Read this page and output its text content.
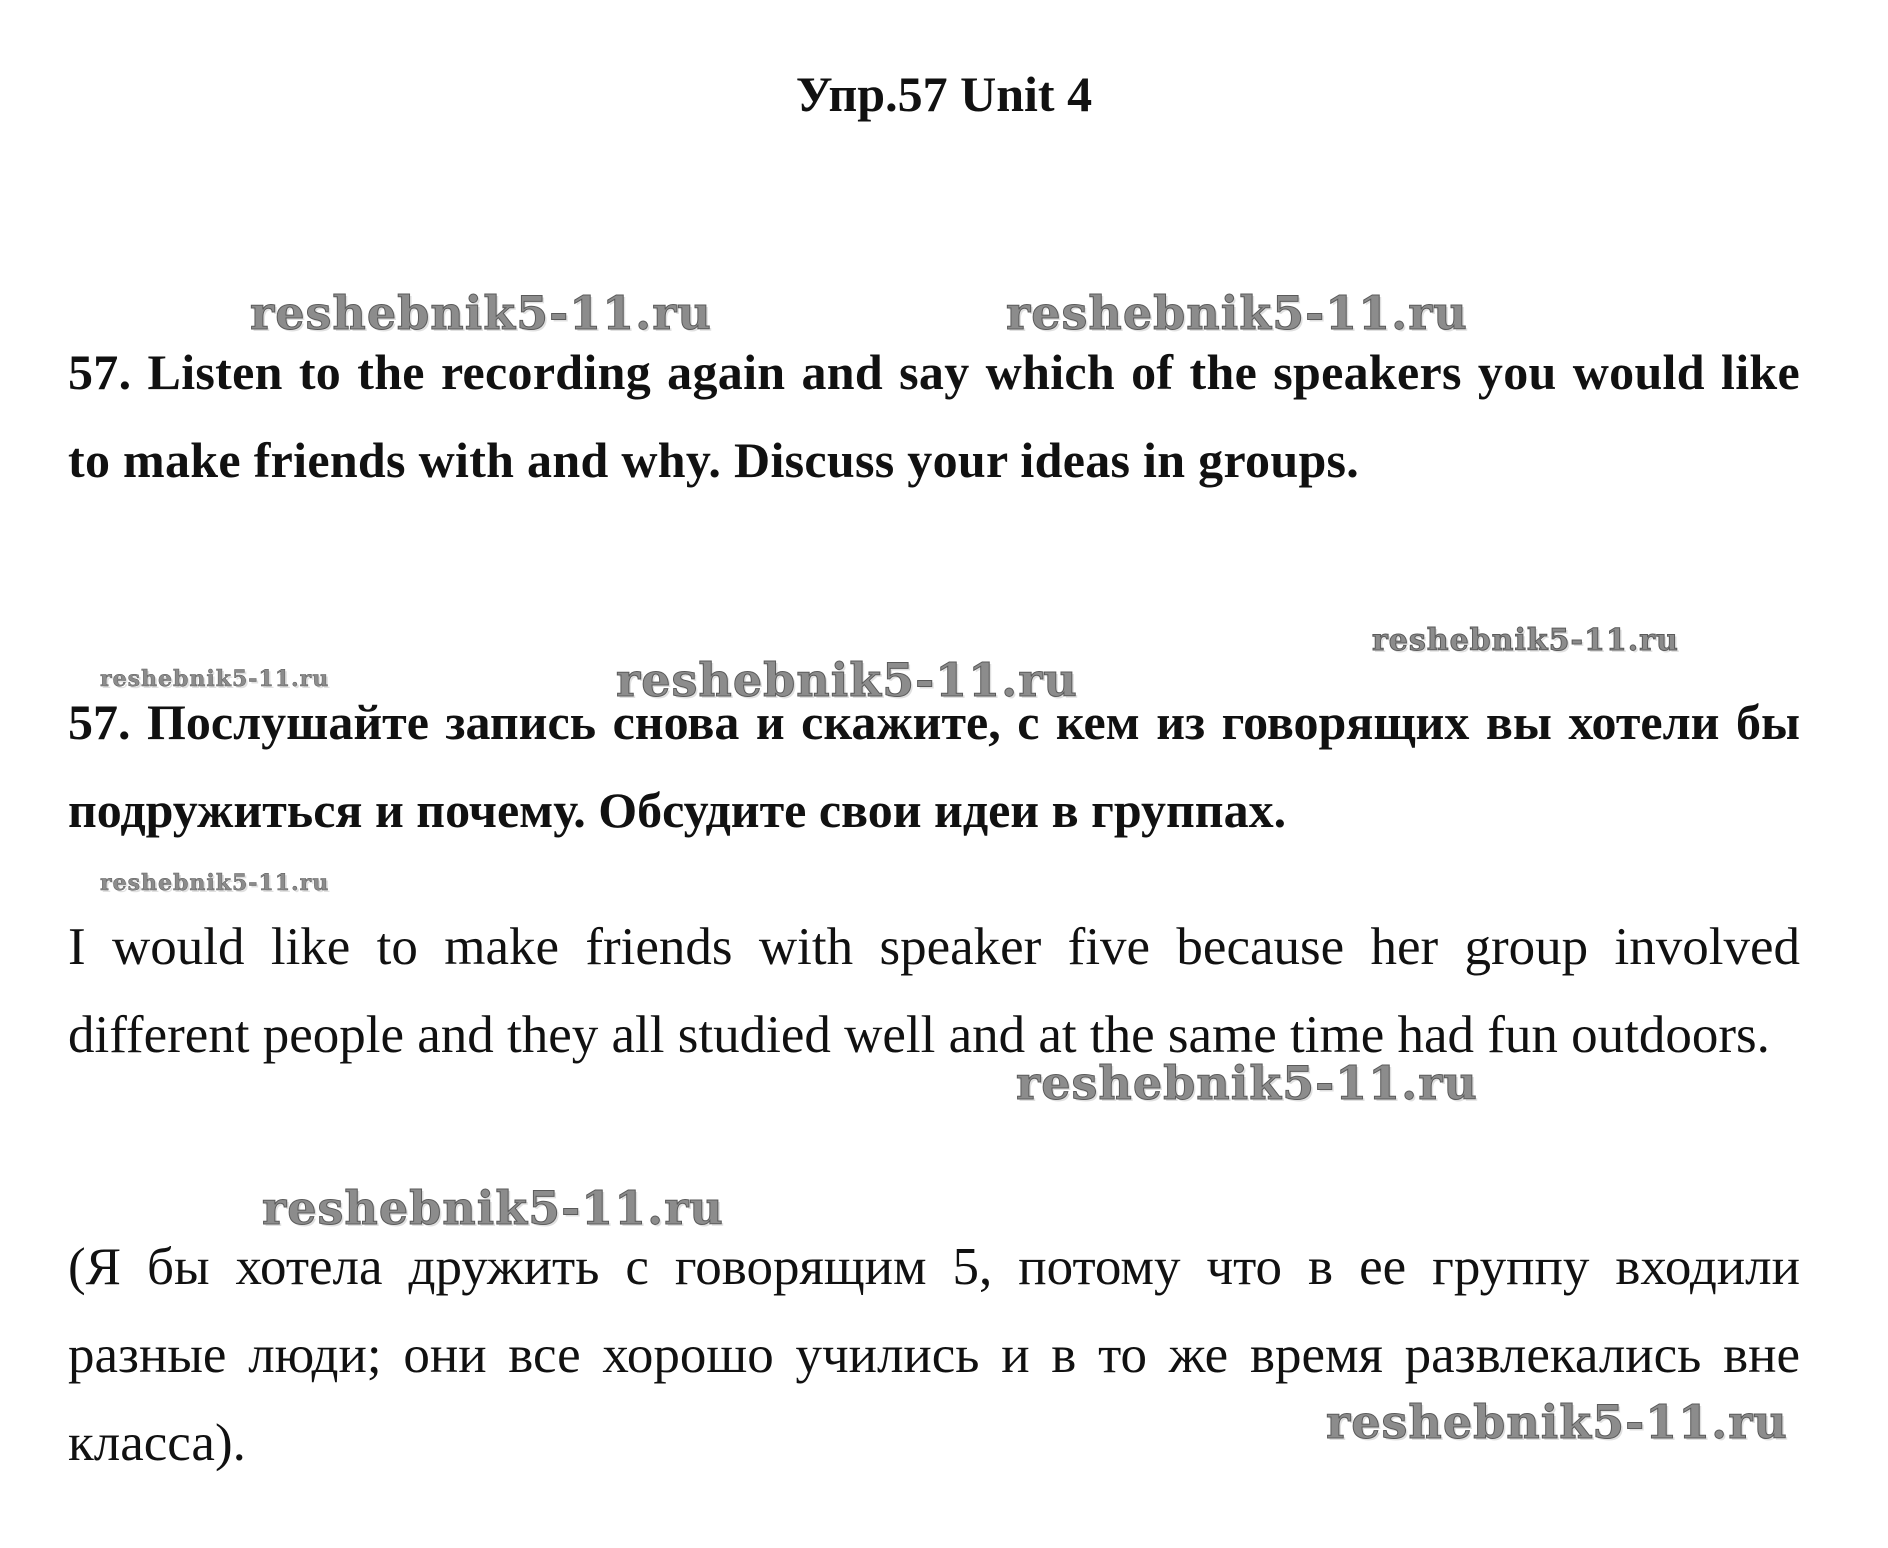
Упр.57 Unit 4

57. Listen to the recording again and say which of the speakers you would like to make friends with and why. Discuss your ideas in groups.

57. Послушайте запись снова и скажите, с кем из говорящих вы хотели бы подружиться и почему. Обсудите свои идеи в группах.

I would like to make friends with speaker five because her group involved different people and they all studied well and at the same time had fun outdoors.

(Я бы хотела дружить с говорящим 5, потому что в ее группу входили разные люди; они все хорошо учились и в то же время развлекались вне класса).

reshebnik5-11.ru	reshebnik5-11.ru
reshebnik5-11.ru
reshebnik5-11.ru	reshebnik5-11.ru
reshebnik5-11.ru
reshebnik5-11.ru
reshebnik5-11.ru
reshebnik5-11.ru
